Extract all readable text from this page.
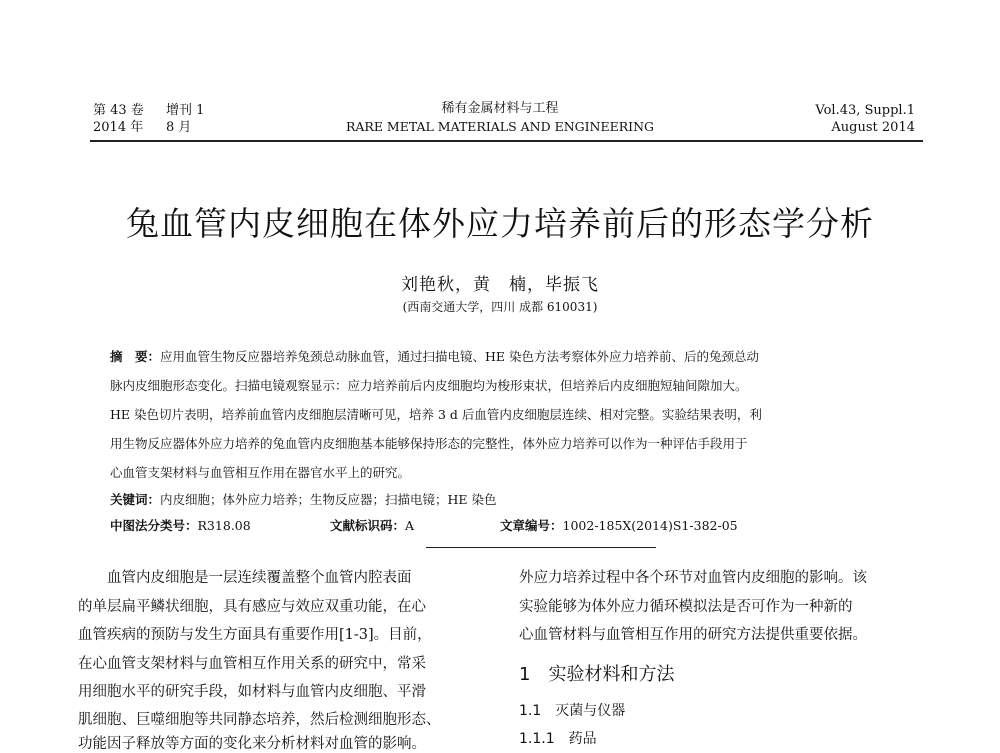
第 43 卷 增刊 1
2014 年 8 月
稀有金属材料与工程
RARE METAL MATERIALS AND ENGINEERING
Vol.43, Suppl.1
August 2014
兔血管内皮细胞在体外应力培养前后的形态学分析
刘艳秋，黄　楠，毕振飞
(西南交通大学，四川 成都 610031)
摘　要：应用血管生物反应器培养兔颈总动脉血管，通过扫描电镜、HE 染色方法考察体外应力培养前、后的兔颈总动
脉内皮细胞形态变化。扫描电镜观察显示：应力培养前后内皮细胞均为梭形束状，但培养后内皮细胞短轴间隙加大。
HE 染色切片表明，培养前血管内皮细胞层清晰可见，培养 3 d 后血管内皮细胞层连续、相对完整。实验结果表明，利
用生物反应器体外应力培养的兔血管内皮细胞基本能够保持形态的完整性，体外应力培养可以作为一种评估手段用于
心血管支架材料与血管相互作用在器官水平上的研究。
关键词：内皮细胞；体外应力培养；生物反应器；扫描电镜；HE 染色
中图法分类号：R318.08	文献标识码：A	文章编号：1002-185X(2014)S1-382-05
　　血管内皮细胞是一层连续覆盖整个血管内腔表面
的单层扁平鳞状细胞，具有感应与效应双重功能，在心
血管疾病的预防与发生方面具有重要作用[1-3]。目前，
在心血管支架材料与血管相互作用关系的研究中，常采
用细胞水平的研究手段，如材料与血管内皮细胞、平滑
肌细胞、巨噬细胞等共同静态培养，然后检测细胞形态、
功能因子释放等方面的变化来分析材料对血管的影响。
外应力培养过程中各个环节对血管内皮细胞的影响。该
实验能够为体外应力循环模拟法是否可作为一种新的
心血管材料与血管相互作用的研究方法提供重要依据。
1　 实验材料和方法
1.1　 灭菌与仪器
1.1.1　 药品
